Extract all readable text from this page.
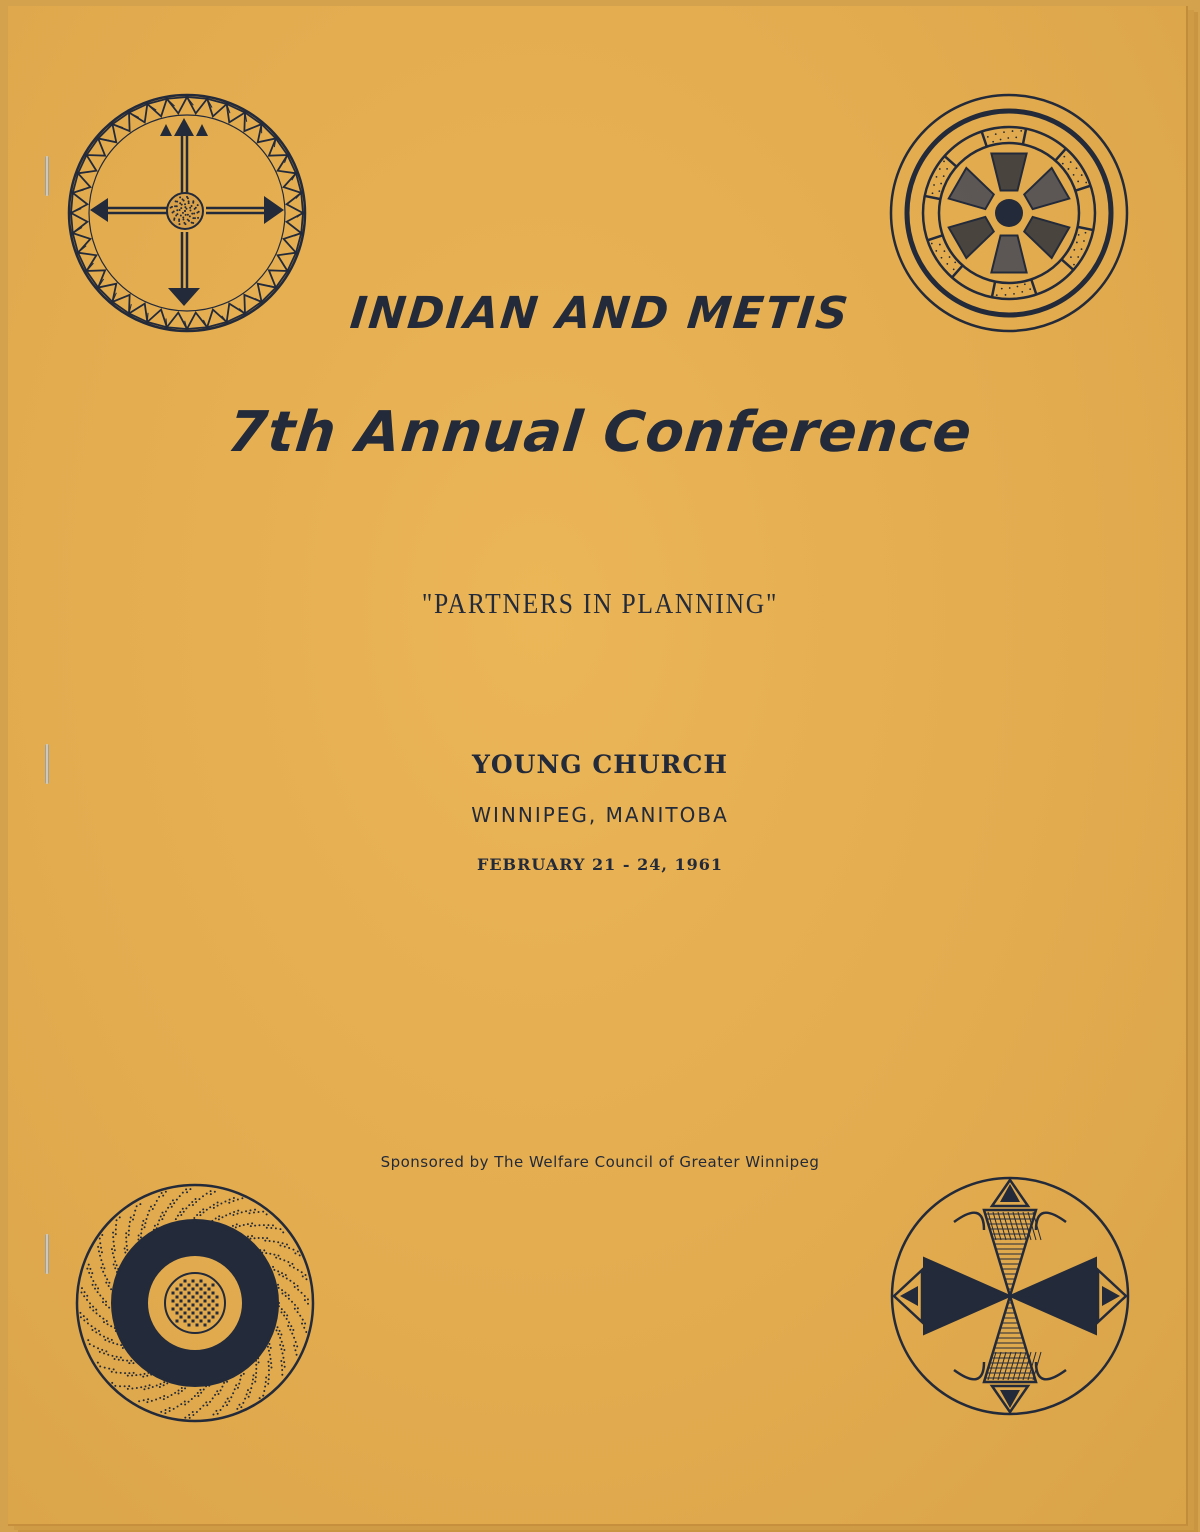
INDIAN AND METIS
7th Annual Conference
"PARTNERS IN PLANNING"
YOUNG CHURCH
WINNIPEG, MANITOBA
FEBRUARY 21 - 24, 1961
Sponsored by The Welfare Council of Greater Winnipeg
